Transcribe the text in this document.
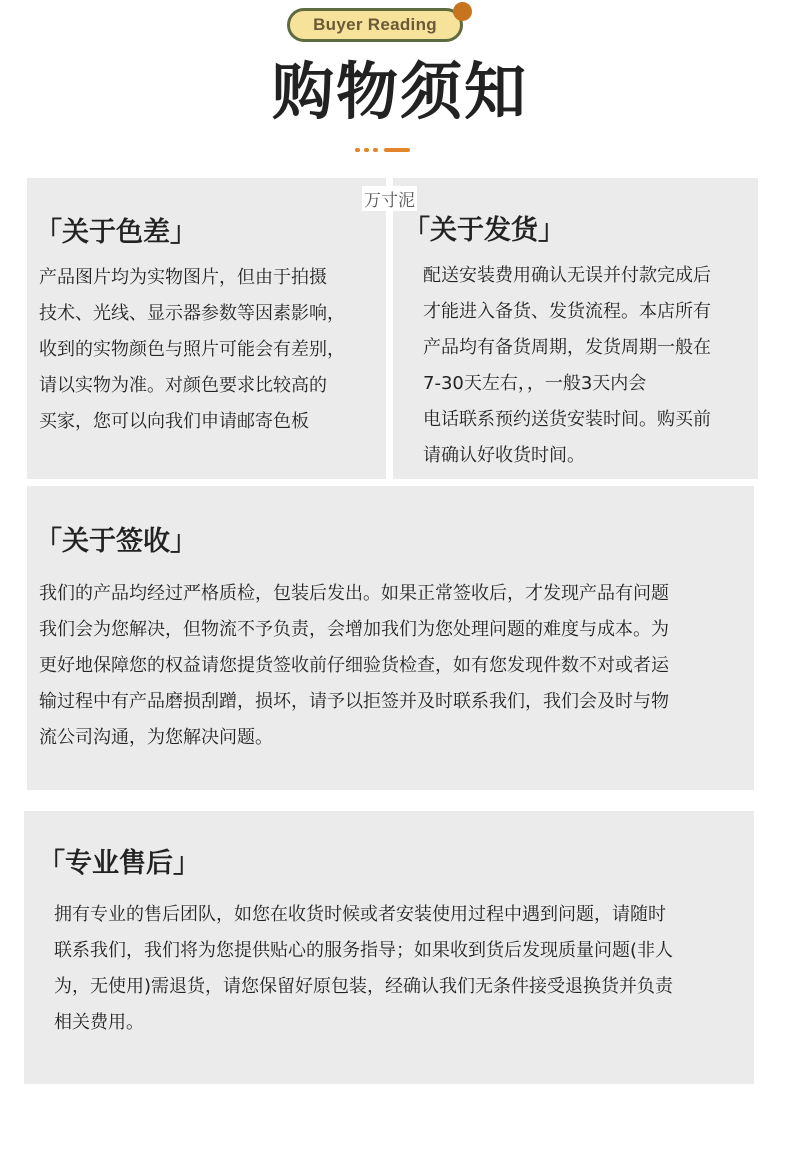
Buyer Reading
购物须知
万寸泥
「关于色差」
产品图片均为实物图片，但由于拍摄
技术、光线、显示器参数等因素影响，
收到的实物颜色与照片可能会有差别，
请以实物为准。对颜色要求比较高的
买家，您可以向我们申请邮寄色板
「关于发货」
配送安装费用确认无误并付款完成后
才能进入备货、发货流程。本店所有
产品均有备货周期，发货周期一般在
7-30天左右，，一般3天内会
电话联系预约送货安装时间。购买前
请确认好收货时间。
「关于签收」
我们的产品均经过严格质检，包装后发出。如果正常签收后，才发现产品有问题
我们会为您解决，但物流不予负责，会增加我们为您处理问题的难度与成本。为
更好地保障您的权益请您提货签收前仔细验货检查，如有您发现件数不对或者运
输过程中有产品磨损刮蹭，损坏，请予以拒签并及时联系我们，我们会及时与物
流公司沟通，为您解决问题。
「专业售后」
拥有专业的售后团队，如您在收货时候或者安装使用过程中遇到问题，请随时
联系我们，我们将为您提供贴心的服务指导；如果收到货后发现质量问题(非人
为，无使用)需退货，请您保留好原包装，经确认我们无条件接受退换货并负责
相关费用。
